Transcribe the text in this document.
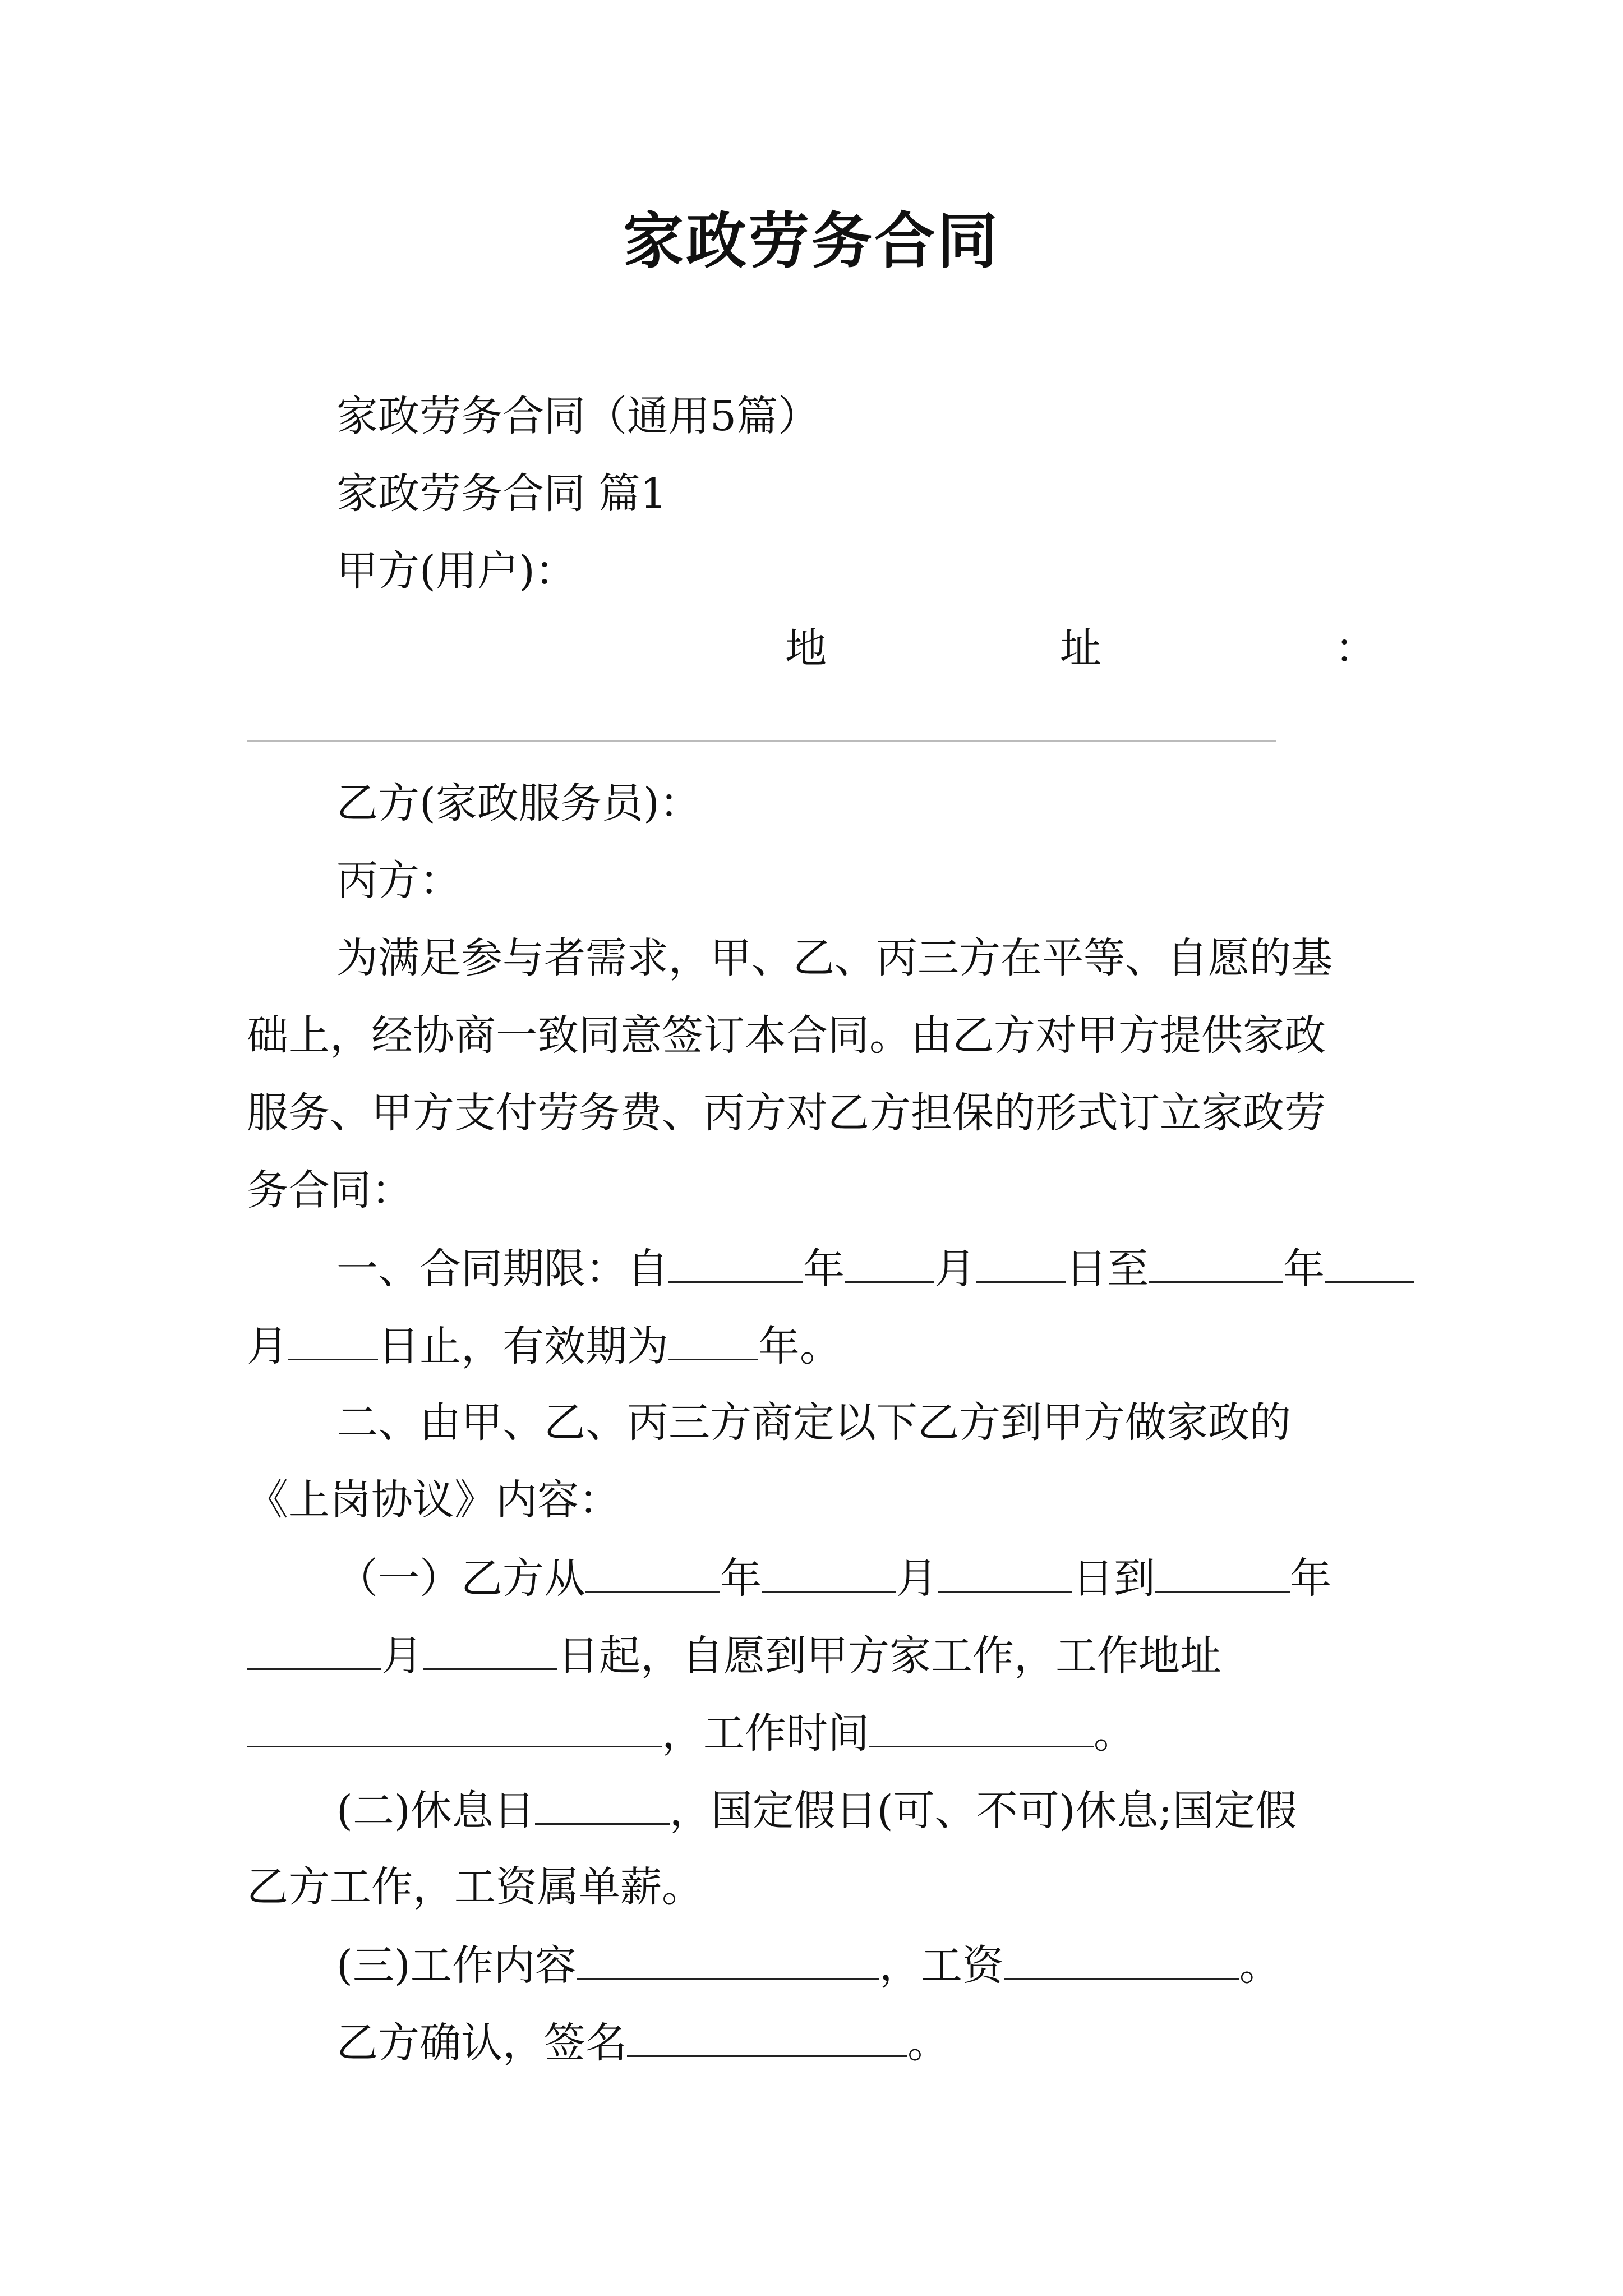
家政劳务合同
家政劳务合同（通用5篇）
家政劳务合同 篇1
甲方(用户)：
地	址	：
乙方(家政服务员)：
丙方：
为满足参与者需求，甲、乙、丙三方在平等、自愿的基
础上，经协商一致同意签订本合同。由乙方对甲方提供家政
服务、甲方支付劳务费、丙方对乙方担保的形式订立家政劳
务合同：
一、合同期限：自	年 月 日至	年
月 日止，有效期为 年。
二、由甲、乙、丙三方商定以下乙方到甲方做家政的
《上岗协议》内容：
（一）乙方从	年	月	日到	年
月	日起，自愿到甲方家工作，工作地址
，工作时间	。
(二)休息日	，国定假日(可、不可)休息;国定假
乙方工作，工资属单薪。
(三)工作内容	，工资	。
乙方确认，签名	。
